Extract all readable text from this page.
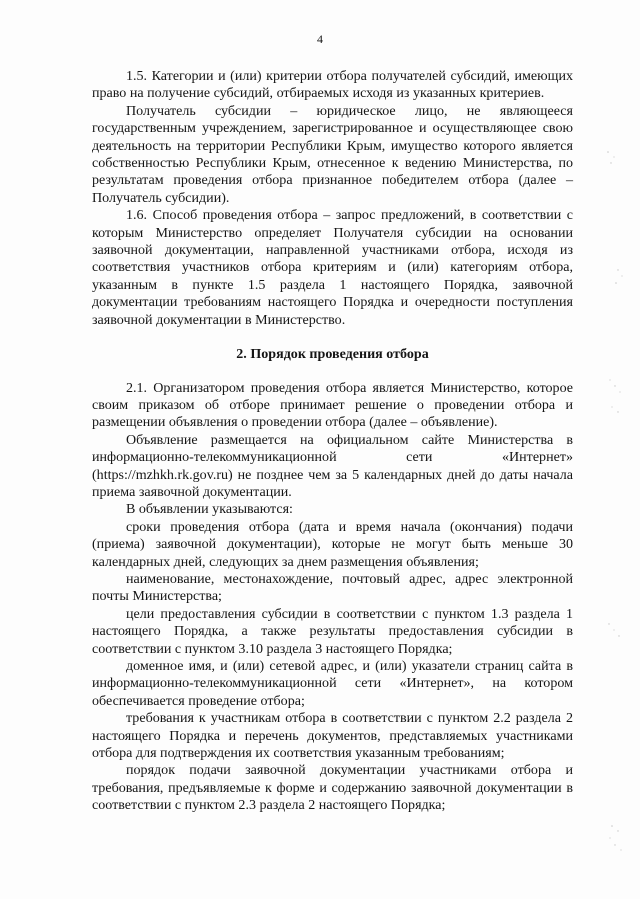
4

1.5. Категории и (или) критерии отбора получателей субсидий, имеющих право на получение субсидий, отбираемых исходя из указанных критериев.

Получатель субсидии – юридическое лицо, не являющееся государственным учреждением, зарегистрированное и осуществляющее свою деятельность на территории Республики Крым, имущество которого является собственностью Республики Крым, отнесенное к ведению Министерства, по результатам проведения отбора признанное победителем отбора (далее – Получатель субсидии).

1.6. Способ проведения отбора – запрос предложений, в соответствии с которым Министерство определяет Получателя субсидии на основании заявочной документации, направленной участниками отбора, исходя из соответствия участников отбора критериям и (или) категориям отбора, указанным в пункте 1.5 раздела 1 настоящего Порядка, заявочной документации требованиям настоящего Порядка и очередности поступления заявочной документации в Министерство.

2. Порядок проведения отбора

2.1. Организатором проведения отбора является Министерство, которое своим приказом об отборе принимает решение о проведении отбора и размещении объявления о проведении отбора (далее – объявление).

Объявление размещается на официальном сайте Министерства в информационно-телекоммуникационной сети «Интернет» (https://mzhkh.rk.gov.ru) не позднее чем за 5 календарных дней до даты начала приема заявочной документации.

В объявлении указываются:

сроки проведения отбора (дата и время начала (окончания) подачи (приема) заявочной документации), которые не могут быть меньше 30 календарных дней, следующих за днем размещения объявления;

наименование, местонахождение, почтовый адрес, адрес электронной почты Министерства;

цели предоставления субсидии в соответствии с пунктом 1.3 раздела 1 настоящего Порядка, а также результаты предоставления субсидии в соответствии с пунктом 3.10 раздела 3 настоящего Порядка;

доменное имя, и (или) сетевой адрес, и (или) указатели страниц сайта в информационно-телекоммуникационной сети «Интернет», на котором обеспечивается проведение отбора;

требования к участникам отбора в соответствии с пунктом 2.2 раздела 2 настоящего Порядка и перечень документов, представляемых участниками отбора для подтверждения их соответствия указанным требованиям;

порядок подачи заявочной документации участниками отбора и требования, предъявляемые к форме и содержанию заявочной документации в соответствии с пунктом 2.3 раздела 2 настоящего Порядка;
